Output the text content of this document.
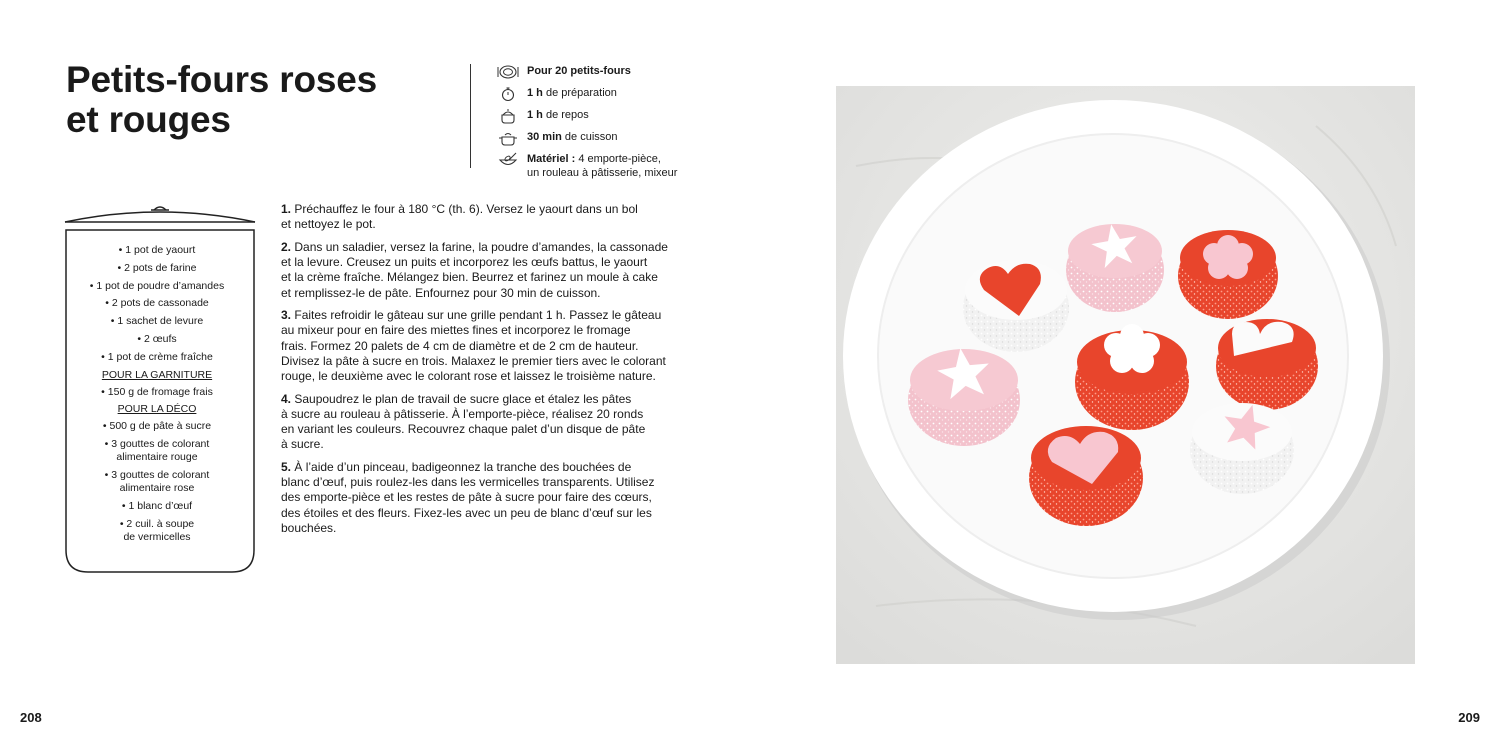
Petits-fours roses
et rouges
Pour 20 petits-fours
1 h de préparation
1 h de repos
30 min de cuisson
Matériel : 4 emporte-pièce,
un rouleau à pâtisserie, mixeur
• 1 pot de yaourt
• 2 pots de farine
• 1 pot de poudre d’amandes
• 2 pots de cassonade
• 1 sachet de levure
• 2 œufs
• 1 pot de crème fraîche
POUR LA GARNITURE
• 150 g de fromage frais
POUR LA DÉCO
• 500 g de pâte à sucre
• 3 gouttes de colorant
alimentaire rouge
• 3 gouttes de colorant
alimentaire rose
• 1 blanc d’œuf
• 2 cuil. à soupe
de vermicelles

1. Préchauffez le four à 180 °C (th. 6). Versez le yaourt dans un bol
et nettoyez le pot.

2. Dans un saladier, versez la farine, la poudre d’amandes, la cassonade
et la levure. Creusez un puits et incorporez les œufs battus, le yaourt
et la crème fraîche. Mélangez bien. Beurrez et farinez un moule à cake
et remplissez-le de pâte. Enfournez pour 30 min de cuisson.

3. Faites refroidir le gâteau sur une grille pendant 1 h. Passez le gâteau
au mixeur pour en faire des miettes fines et incorporez le fromage
frais. Formez 20 palets de 4 cm de diamètre et de 2 cm de hauteur.
Divisez la pâte à sucre en trois. Malaxez le premier tiers avec le colorant
rouge, le deuxième avec le colorant rose et laissez le troisième nature.

4. Saupoudrez le plan de travail de sucre glace et étalez les pâtes
à sucre au rouleau à pâtisserie. À l’emporte-pièce, réalisez 20 ronds
en variant les couleurs. Recouvrez chaque palet d’un disque de pâte
à sucre.

5. À l’aide d’un pinceau, badigeonnez la tranche des bouchées de
blanc d’œuf, puis roulez-les dans les vermicelles transparents. Utilisez
des emporte-pièce et les restes de pâte à sucre pour faire des cœurs,
des étoiles et des fleurs. Fixez-les avec un peu de blanc d’œuf sur les
bouchées.

208	209
